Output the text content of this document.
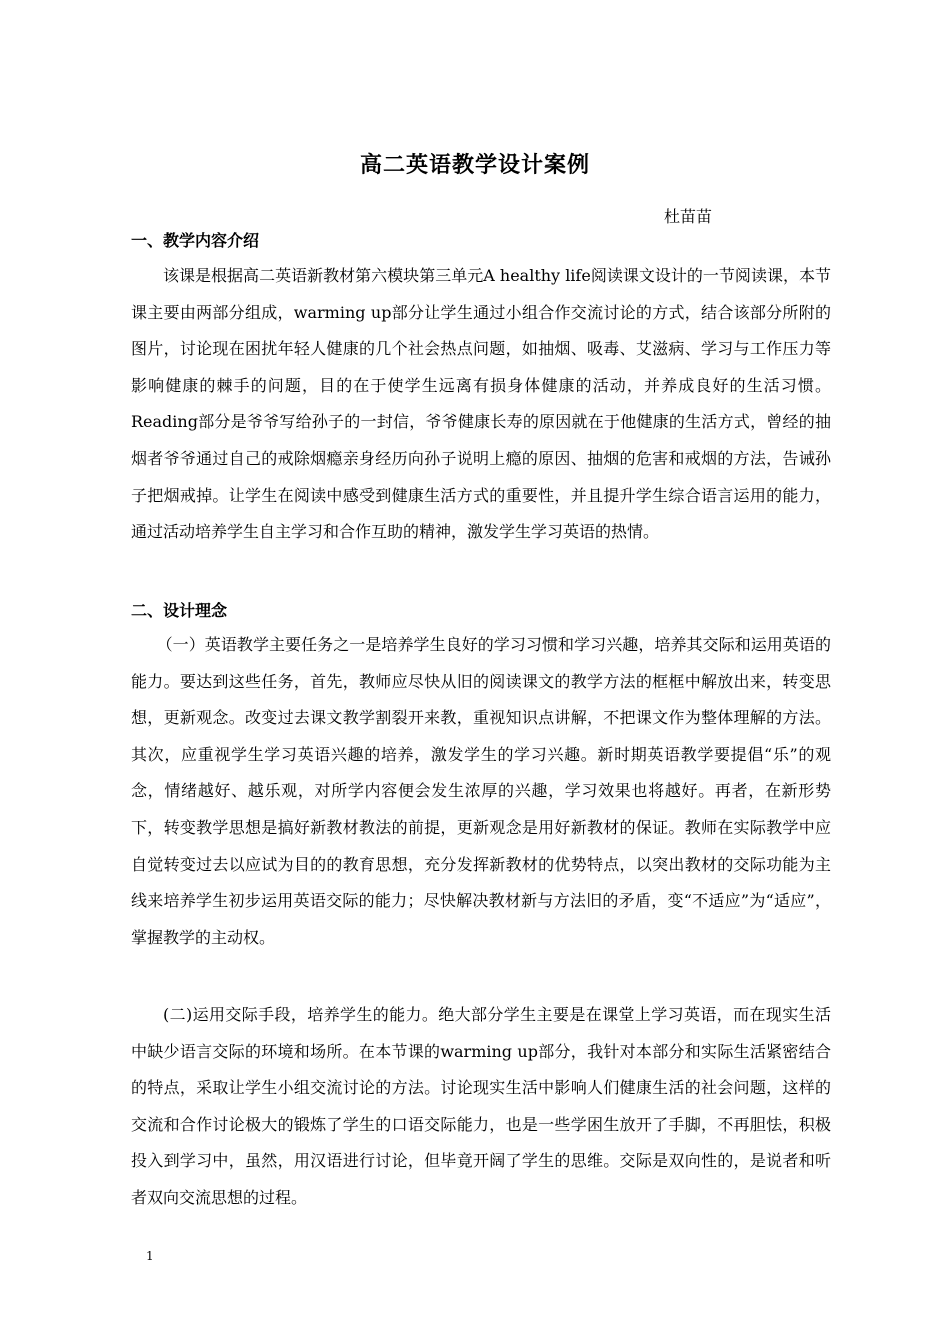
高二英语教学设计案例
杜苗苗
一、教学内容介绍

该课是根据高二英语新教材第六模块第三单元A healthy life阅读课文设计的一节阅读课，本节课主要由两部分组成，warming up部分让学生通过小组合作交流讨论的方式，结合该部分所附的图片，讨论现在困扰年轻人健康的几个社会热点问题，如抽烟、吸毒、艾滋病、学习与工作压力等影响健康的棘手的问题，目的在于使学生远离有损身体健康的活动，并养成良好的生活习惯。Reading部分是爷爷写给孙子的一封信，爷爷健康长寿的原因就在于他健康的生活方式，曾经的抽烟者爷爷通过自己的戒除烟瘾亲身经历向孙子说明上瘾的原因、抽烟的危害和戒烟的方法，告诫孙子把烟戒掉。让学生在阅读中感受到健康生活方式的重要性，并且提升学生综合语言运用的能力，通过活动培养学生自主学习和合作互助的精神，激发学生学习英语的热情。

二、设计理念

（一）英语教学主要任务之一是培养学生良好的学习习惯和学习兴趣，培养其交际和运用英语的能力。要达到这些任务，首先，教师应尽快从旧的阅读课文的教学方法的框框中解放出来，转变思想，更新观念。改变过去课文教学割裂开来教，重视知识点讲解，不把课文作为整体理解的方法。其次，应重视学生学习英语兴趣的培养，激发学生的学习兴趣。新时期英语教学要提倡“乐”的观念，情绪越好、越乐观，对所学内容便会发生浓厚的兴趣，学习效果也将越好。再者，在新形势下，转变教学思想是搞好新教材教法的前提，更新观念是用好新教材的保证。教师在实际教学中应自觉转变过去以应试为目的的教育思想，充分发挥新教材的优势特点，以突出教材的交际功能为主线来培养学生初步运用英语交际的能力；尽快解决教材新与方法旧的矛盾，变“不适应”为“适应”，掌握教学的主动权。

(二)运用交际手段，培养学生的能力。绝大部分学生主要是在课堂上学习英语，而在现实生活中缺少语言交际的环境和场所。在本节课的warming up部分，我针对本部分和实际生活紧密结合的特点，采取让学生小组交流讨论的方法。讨论现实生活中影响人们健康生活的社会问题，这样的交流和合作讨论极大的锻炼了学生的口语交际能力，也是一些学困生放开了手脚，不再胆怯，积极投入到学习中，虽然，用汉语进行讨论，但毕竟开阔了学生的思维。交际是双向性的，是说者和听者双向交流思想的过程。

1
